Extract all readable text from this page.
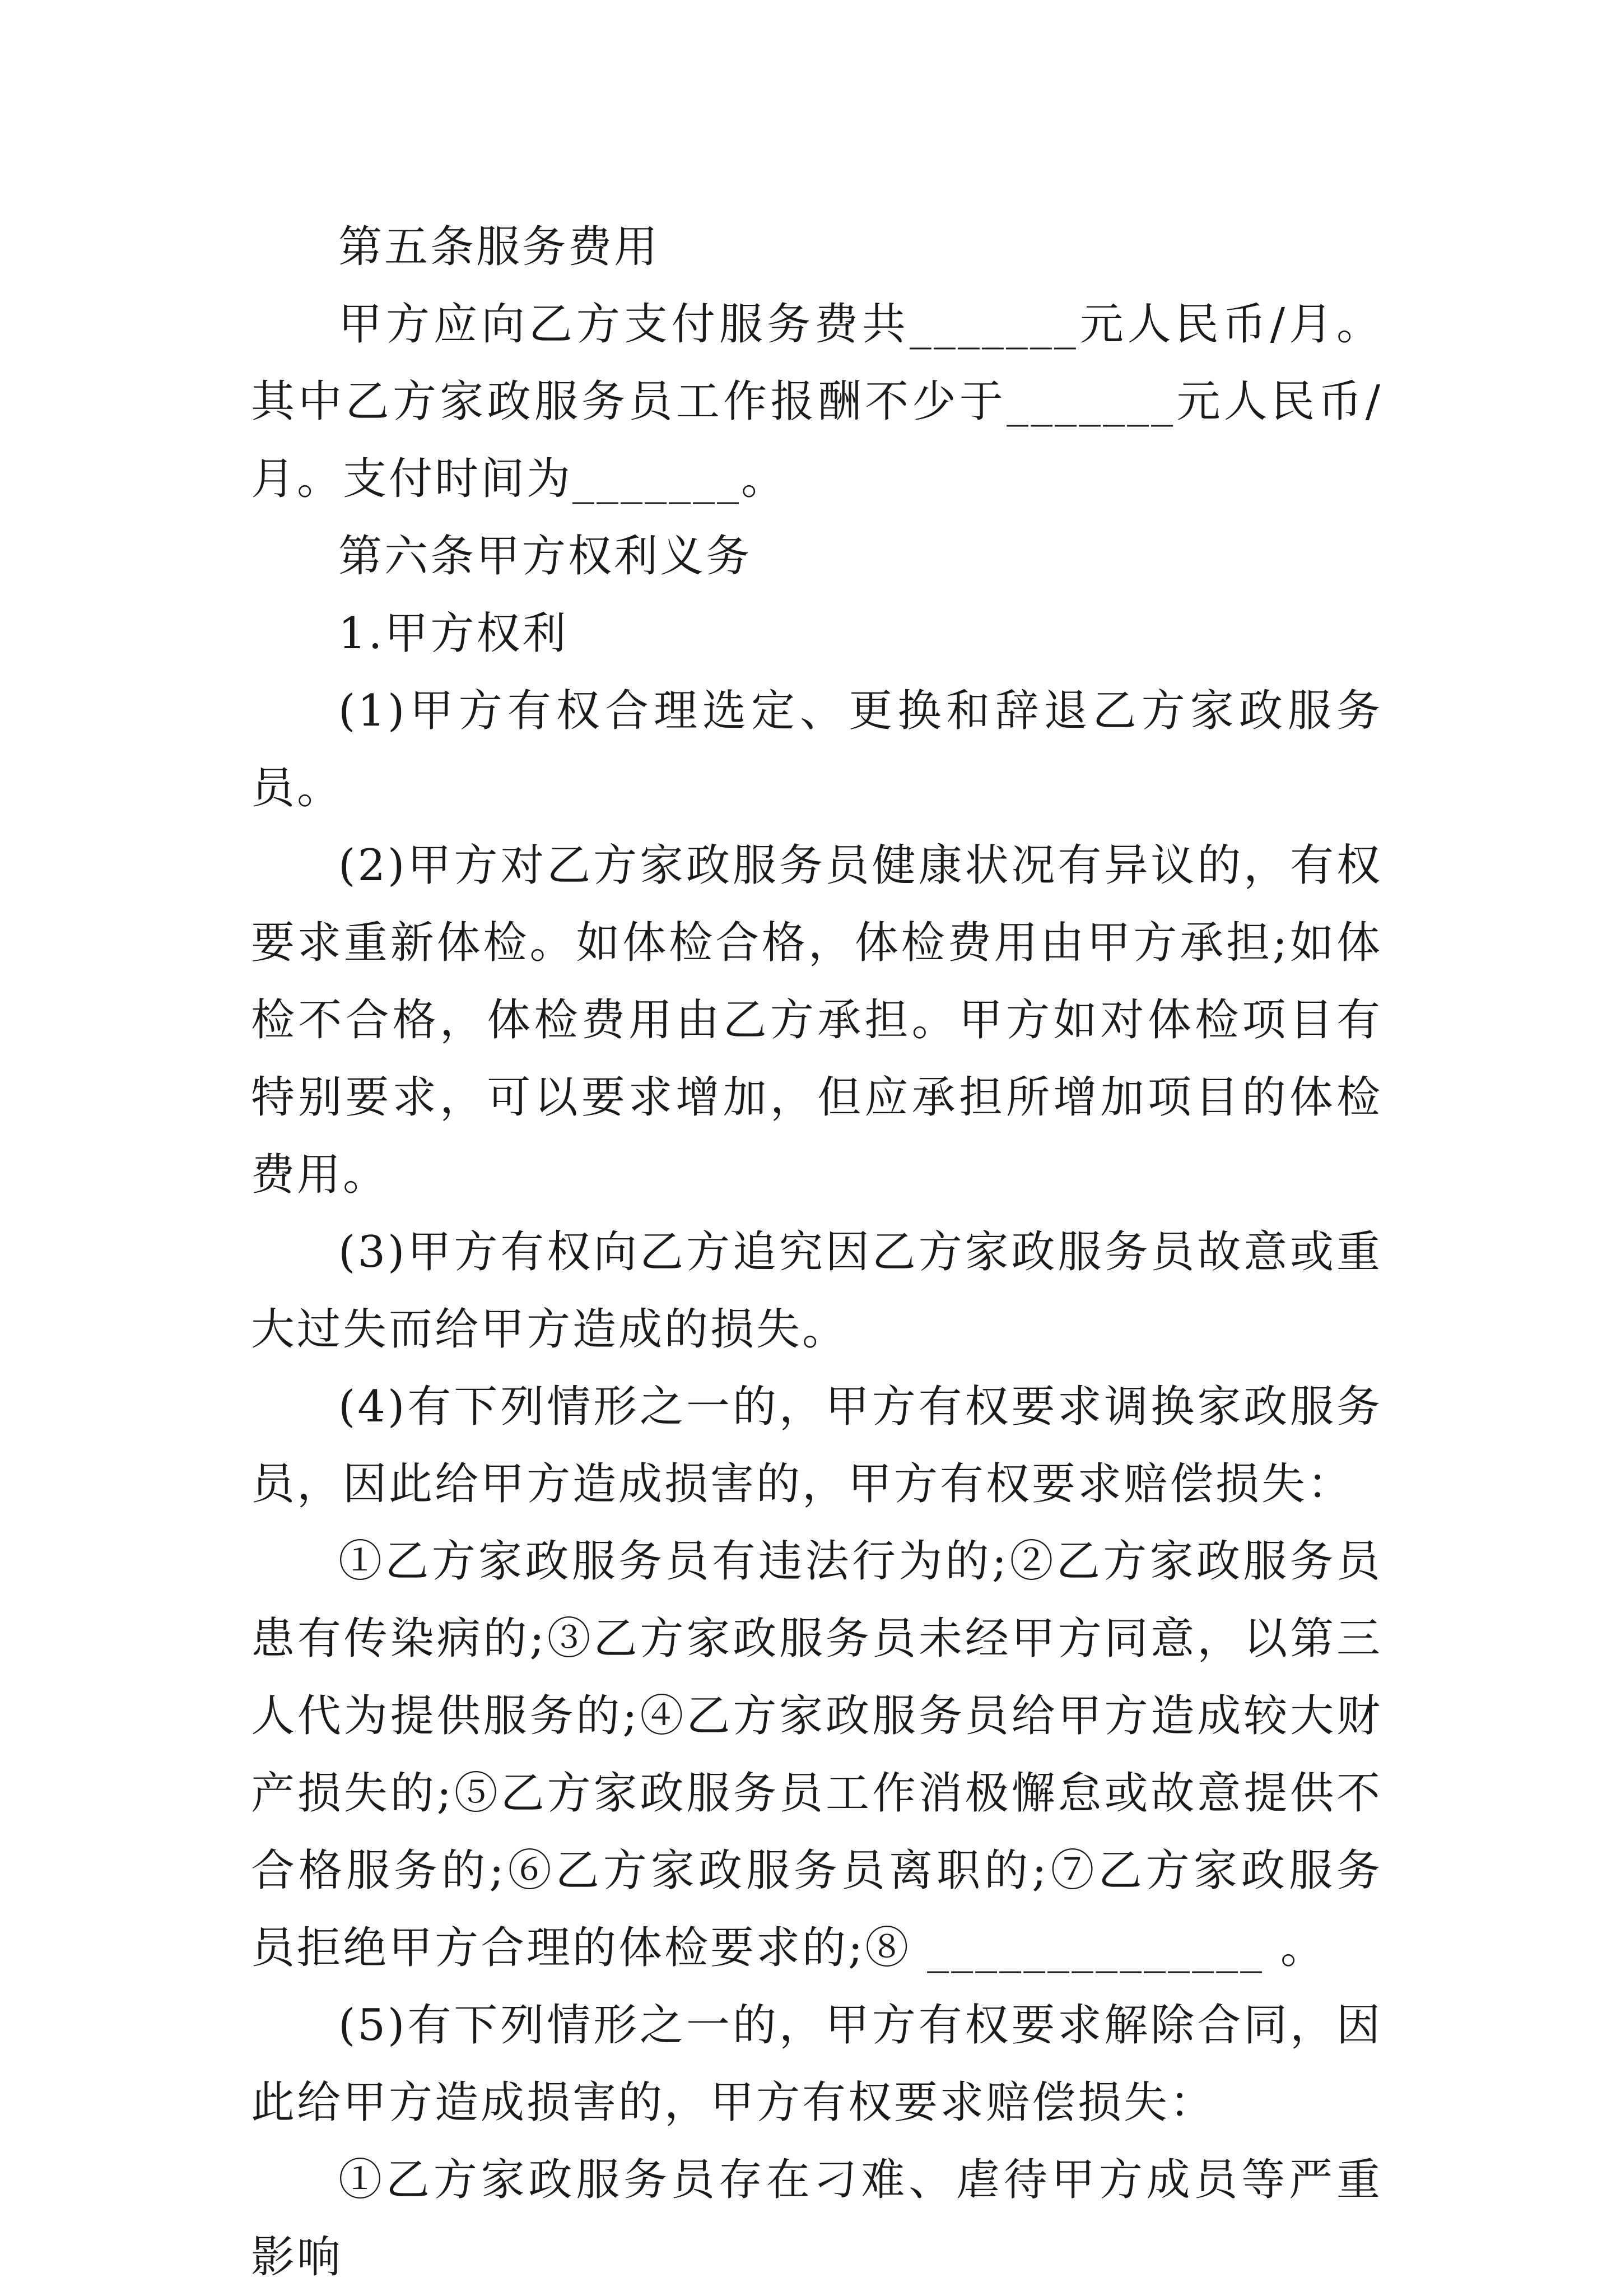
第五条服务费用

甲方应向乙方支付服务费共_______元人民币/月。其中乙方家政服务员工作报酬不少于_______元人民币/月。支付时间为_______。

第六条甲方权利义务

1.甲方权利

(1)甲方有权合理选定、更换和辞退乙方家政服务员。

(2)甲方对乙方家政服务员健康状况有异议的，有权要求重新体检。如体检合格，体检费用由甲方承担;如体检不合格，体检费用由乙方承担。甲方如对体检项目有特别要求，可以要求增加，但应承担所增加项目的体检费用。

(3)甲方有权向乙方追究因乙方家政服务员故意或重大过失而给甲方造成的损失。

(4)有下列情形之一的，甲方有权要求调换家政服务员，因此给甲方造成损害的，甲方有权要求赔偿损失：

①乙方家政服务员有违法行为的;②乙方家政服务员患有传染病的;③乙方家政服务员未经甲方同意，以第三人代为提供服务的;④乙方家政服务员给甲方造成较大财产损失的;⑤乙方家政服务员工作消极懈怠或故意提供不合格服务的;⑥乙方家政服务员离职的;⑦乙方家政服务员拒绝甲方合理的体检要求的;⑧ ______________ 。

(5)有下列情形之一的，甲方有权要求解除合同，因此给甲方造成损害的，甲方有权要求赔偿损失：

①乙方家政服务员存在刁难、虐待甲方成员等严重影响
